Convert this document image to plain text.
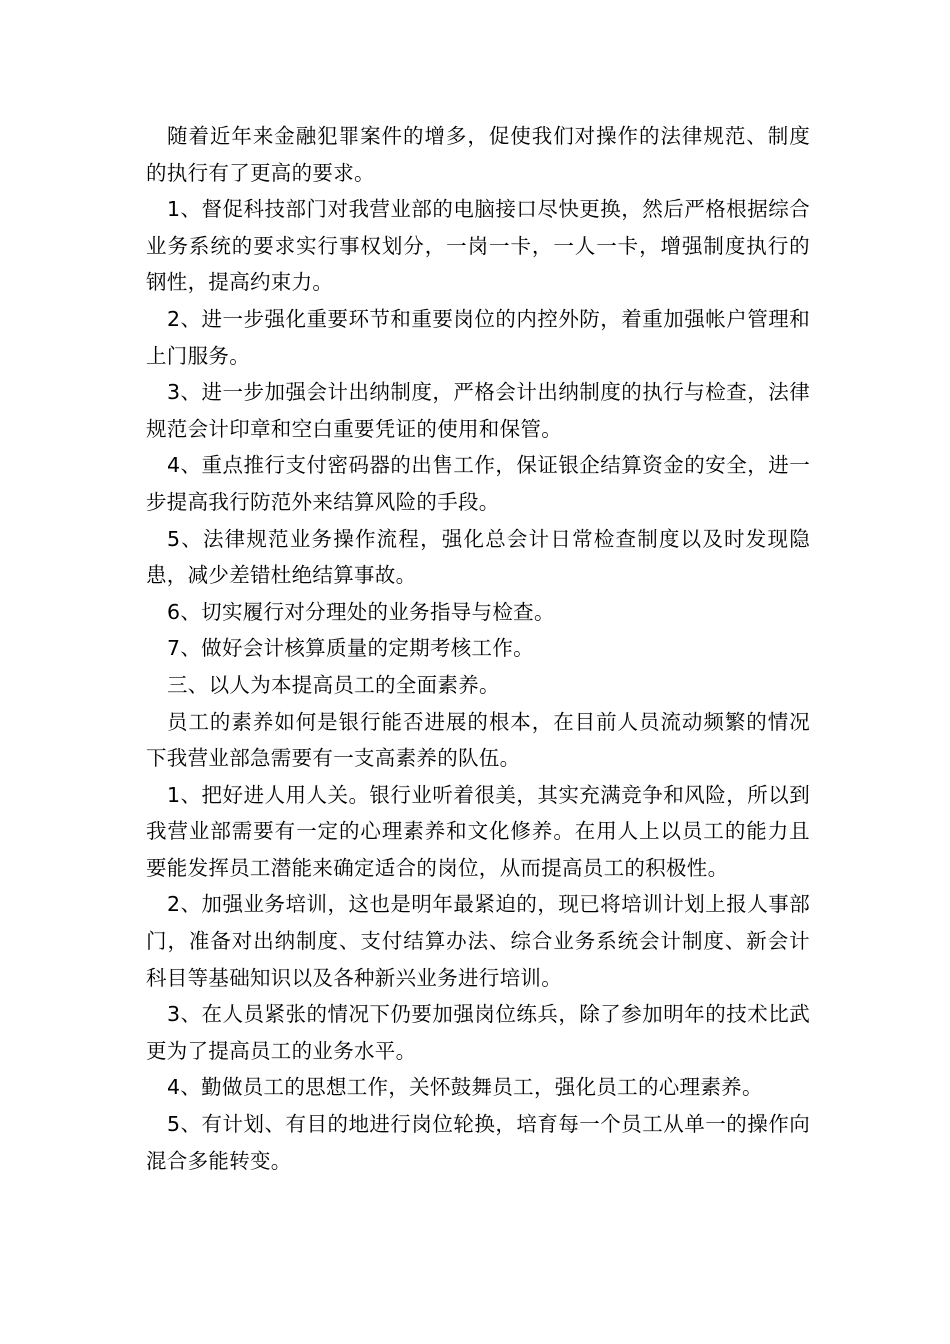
随着近年来金融犯罪案件的增多，促使我们对操作的法律规范、制度的执行有了更高的要求。

1、督促科技部门对我营业部的电脑接口尽快更换，然后严格根据综合业务系统的要求实行事权划分，一岗一卡，一人一卡，增强制度执行的钢性，提高约束力。

2、进一步强化重要环节和重要岗位的内控外防，着重加强帐户管理和上门服务。

3、进一步加强会计出纳制度，严格会计出纳制度的执行与检查，法律规范会计印章和空白重要凭证的使用和保管。

4、重点推行支付密码器的出售工作，保证银企结算资金的安全，进一步提高我行防范外来结算风险的手段。

5、法律规范业务操作流程，强化总会计日常检查制度以及时发现隐患，减少差错杜绝结算事故。

6、切实履行对分理处的业务指导与检查。

7、做好会计核算质量的定期考核工作。

三、以人为本提高员工的全面素养。

员工的素养如何是银行能否进展的根本，在目前人员流动频繁的情况下我营业部急需要有一支高素养的队伍。

1、把好进人用人关。银行业听着很美，其实充满竞争和风险，所以到我营业部需要有一定的心理素养和文化修养。在用人上以员工的能力且要能发挥员工潜能来确定适合的岗位，从而提高员工的积极性。

2、加强业务培训，这也是明年最紧迫的，现已将培训计划上报人事部门，准备对出纳制度、支付结算办法、综合业务系统会计制度、新会计科目等基础知识以及各种新兴业务进行培训。

3、在人员紧张的情况下仍要加强岗位练兵，除了参加明年的技术比武更为了提高员工的业务水平。

4、勤做员工的思想工作，关怀鼓舞员工，强化员工的心理素养。

5、有计划、有目的地进行岗位轮换，培育每一个员工从单一的操作向混合多能转变。
